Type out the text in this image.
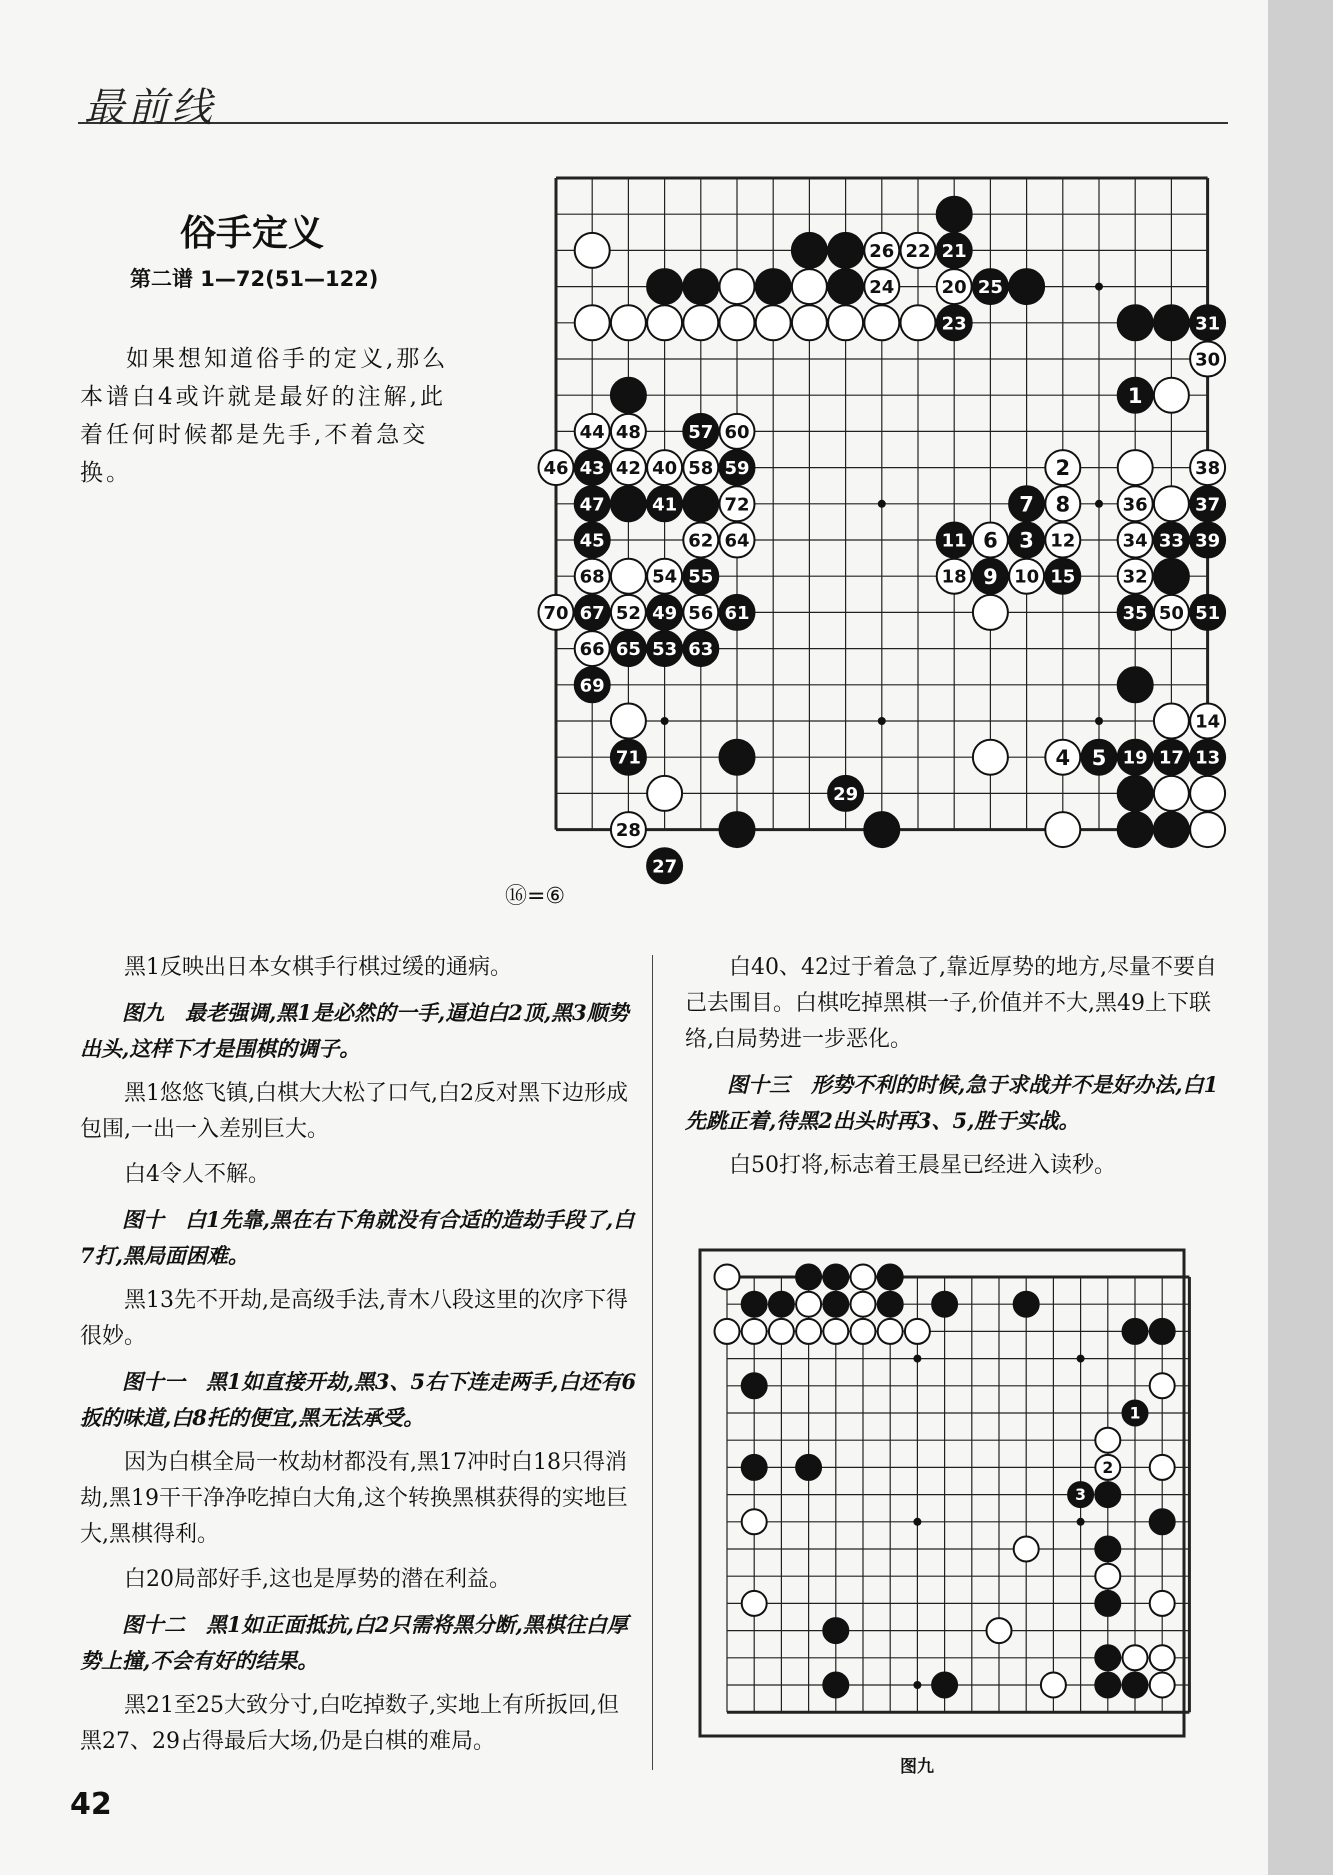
最前线
俗手定义
第二谱 1—72(51—122)

如果想知道俗手的定义,那么本谱白4或许就是最好的注解,此着任何时候都是先手,不着急交换。

26 22 21
24	20 25
23	31
30
1
44 48	57 60
46 43 42 40 58 59	2	38
47	41	72	7 8	36	37
45	62 64	11 6 3 12	34 33 39
68	54 55	18 9 10 15	32
70 67 52 49 56 61	35 50 51
66 65 53 63
69
14
71	4 5 19 17 13
29
28
27
⑯=⑥
1
2
3
图九

黑1反映出日本女棋手行棋过缓的通病。

图九　最老强调,黑1是必然的一手,逼迫白2顶,黑3顺势出头,这样下才是围棋的调子。

黑1悠悠飞镇,白棋大大松了口气,白2反对黑下边形成包围,一出一入差别巨大。

白4令人不解。

图十　白1先靠,黑在右下角就没有合适的造劫手段了,白7打,黑局面困难。

黑13先不开劫,是高级手法,青木八段这里的次序下得很妙。

图十一　黑1如直接开劫,黑3、5右下连走两手,白还有6扳的味道,白8托的便宜,黑无法承受。

因为白棋全局一枚劫材都没有,黑17冲时白18只得消劫,黑19干干净净吃掉白大角,这个转换黑棋获得的实地巨大,黑棋得利。

白20局部好手,这也是厚势的潜在利益。

图十二　黑1如正面抵抗,白2只需将黑分断,黑棋往白厚势上撞,不会有好的结果。

黑21至25大致分寸,白吃掉数子,实地上有所扳回,但黑27、29占得最后大场,仍是白棋的难局。

白40、42过于着急了,靠近厚势的地方,尽量不要自己去围目。白棋吃掉黑棋一子,价值并不大,黑49上下联络,白局势进一步恶化。

图十三　形势不利的时候,急于求战并不是好办法,白1先跳正着,待黑2出头时再3、5,胜于实战。

白50打将,标志着王晨星已经进入读秒。

42
